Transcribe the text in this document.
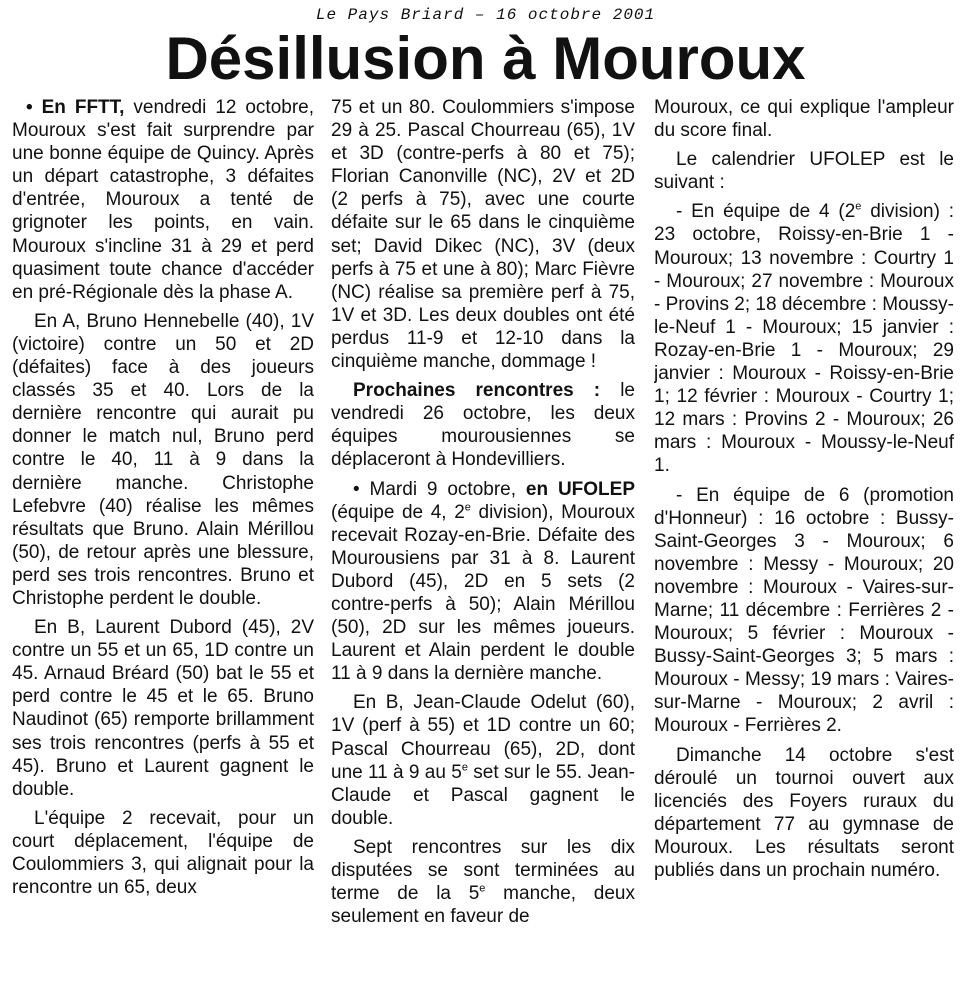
Le Pays Briard – 16 octobre 2001
Désillusion à Mouroux

• En FFTT, vendredi 12 octobre, Mouroux s'est fait surprendre par une bonne équipe de Quincy. Après un départ catastrophe, 3 défaites d'entrée, Mouroux a tenté de grignoter les points, en vain. Mouroux s'incline 31 à 29 et perd quasiment toute chance d'accéder en pré-Régionale dès la phase A.

En A, Bruno Hennebelle (40), 1V (victoire) contre un 50 et 2D (défaites) face à des joueurs classés 35 et 40. Lors de la dernière rencontre qui aurait pu donner le match nul, Bruno perd contre le 40, 11 à 9 dans la dernière manche. Christophe Lefebvre (40) réalise les mêmes résultats que Bruno. Alain Mérillou (50), de retour après une blessure, perd ses trois rencontres. Bruno et Christophe perdent le double.

En B, Laurent Dubord (45), 2V contre un 55 et un 65, 1D contre un 45. Arnaud Bréard (50) bat le 55 et perd contre le 45 et le 65. Bruno Naudinot (65) remporte brillamment ses trois rencontres (perfs à 55 et 45). Bruno et Laurent gagnent le double.

L'équipe 2 recevait, pour un court déplacement, l'équipe de Coulommiers 3, qui alignait pour la rencontre un 65, deux

75 et un 80. Coulommiers s'impose 29 à 25. Pascal Chourreau (65), 1V et 3D (contre-perfs à 80 et 75); Florian Canonville (NC), 2V et 2D (2 perfs à 75), avec une courte défaite sur le 65 dans le cinquième set; David Dikec (NC), 3V (deux perfs à 75 et une à 80); Marc Fièvre (NC) réalise sa première perf à 75, 1V et 3D. Les deux doubles ont été perdus 11-9 et 12-10 dans la cinquième manche, dommage !

Prochaines rencontres : le vendredi 26 octobre, les deux équipes mourousiennes se déplaceront à Hondevilliers.

• Mardi 9 octobre, en UFOLEP (équipe de 4, 2e division), Mouroux recevait Rozay-en-Brie. Défaite des Mourousiens par 31 à 8. Laurent Dubord (45), 2D en 5 sets (2 contre-perfs à 50); Alain Mérillou (50), 2D sur les mêmes joueurs. Laurent et Alain perdent le double 11 à 9 dans la dernière manche.

En B, Jean-Claude Odelut (60), 1V (perf à 55) et 1D contre un 60; Pascal Chourreau (65), 2D, dont une 11 à 9 au 5e set sur le 55. Jean-Claude et Pascal gagnent le double.

Sept rencontres sur les dix disputées se sont terminées au terme de la 5e manche, deux seulement en faveur de

Mouroux, ce qui explique l'ampleur du score final.

Le calendrier UFOLEP est le suivant :

- En équipe de 4 (2e division) : 23 octobre, Roissy-en-Brie 1 - Mouroux; 13 novembre : Courtry 1 - Mouroux; 27 novembre : Mouroux - Provins 2; 18 décembre : Moussy-le-Neuf 1 - Mouroux; 15 janvier : Rozay-en-Brie 1 - Mouroux; 29 janvier : Mouroux - Roissy-en-Brie 1; 12 février : Mouroux - Courtry 1; 12 mars : Provins 2 - Mouroux; 26 mars : Mouroux - Moussy-le-Neuf 1.

- En équipe de 6 (promotion d'Honneur) : 16 octobre : Bussy-Saint-Georges 3 - Mouroux; 6 novembre : Messy - Mouroux; 20 novembre : Mouroux - Vaires-sur-Marne; 11 décembre : Ferrières 2 - Mouroux; 5 février : Mouroux - Bussy-Saint-Georges 3; 5 mars : Mouroux - Messy; 19 mars : Vaires-sur-Marne - Mouroux; 2 avril : Mouroux - Ferrières 2.

Dimanche 14 octobre s'est déroulé un tournoi ouvert aux licenciés des Foyers ruraux du département 77 au gymnase de Mouroux. Les résultats seront publiés dans un prochain numéro.
